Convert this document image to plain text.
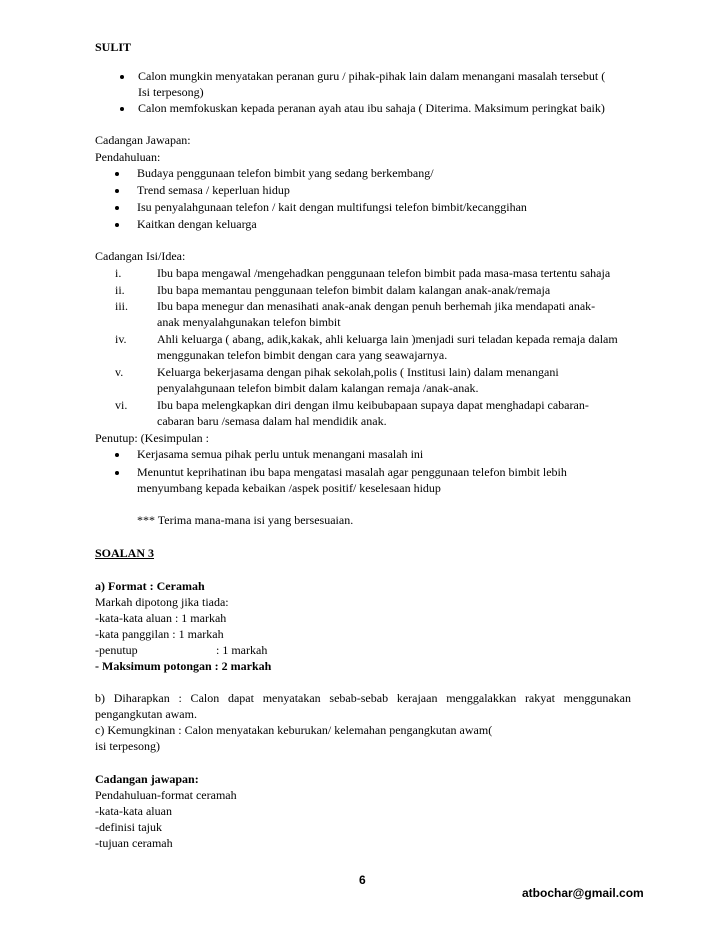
SULIT
Calon mungkin menyatakan peranan guru / pihak-pihak lain dalam menangani masalah tersebut (
Isi terpesong)
Calon memfokuskan kepada peranan ayah atau ibu sahaja ( Diterima. Maksimum peringkat baik)
Cadangan Jawapan:
Pendahuluan:
Budaya penggunaan telefon bimbit yang sedang berkembang/
Trend semasa / keperluan hidup
Isu penyalahgunaan telefon / kait dengan multifungsi telefon bimbit/kecanggihan
Kaitkan dengan keluarga
Cadangan Isi/Idea:
i.	Ibu bapa mengawal /mengehadkan penggunaan telefon bimbit pada masa-masa tertentu sahaja
ii.	Ibu bapa memantau penggunaan telefon bimbit dalam kalangan anak-anak/remaja
iii. Ibu bapa menegur dan menasihati anak-anak dengan penuh berhemah jika mendapati anak-
anak menyalahgunakan telefon bimbit
iv.	Ahli keluarga ( abang, adik,kakak, ahli keluarga lain )menjadi suri teladan kepada remaja dalam
menggunakan telefon bimbit dengan cara yang seawajarnya.
v.	Keluarga bekerjasama dengan pihak sekolah,polis ( Institusi lain) dalam menangani
penyalahgunaan telefon bimbit dalam kalangan remaja /anak-anak.
vi. Ibu bapa melengkapkan diri dengan ilmu keibubapaan supaya dapat menghadapi cabaran-
cabaran baru /semasa dalam hal mendidik anak.
Penutup: (Kesimpulan :
Kerjasama semua pihak perlu untuk menangani masalah ini
Menuntut keprihatinan ibu bapa mengatasi masalah agar penggunaan telefon bimbit lebih
menyumbang kepada kebaikan /aspek positif/ keselesaan hidup
*** Terima mana-mana isi yang bersesuaian.
SOALAN 3
a) Format : Ceramah
Markah dipotong jika tiada:
-kata-kata aluan : 1 markah
-kata panggilan : 1 markah
-penutup	: 1 markah
- Maksimum potongan : 2 markah
b) Diharapkan : Calon dapat menyatakan sebab-sebab kerajaan menggalakkan rakyat menggunakan
pengangkutan awam.
c) Kemungkinan : Calon menyatakan keburukan/ kelemahan pengangkutan awam(
isi terpesong)
Cadangan jawapan:
Pendahuluan-format ceramah
-kata-kata aluan
-definisi tajuk
-tujuan ceramah
6
atbochar@gmail.com
